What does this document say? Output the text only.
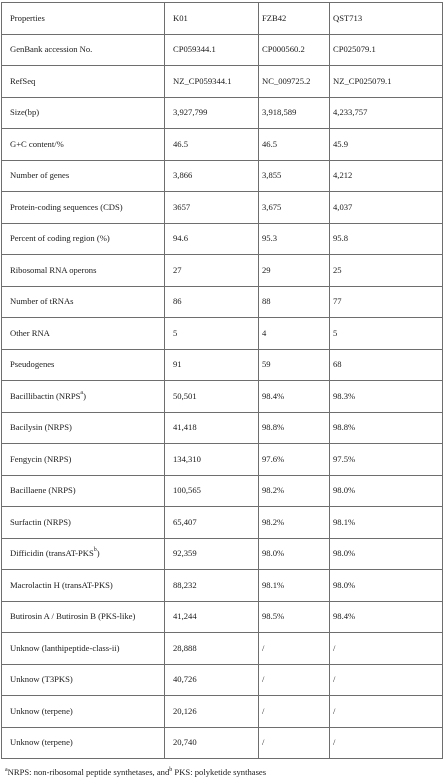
Properties	K01	FZB42	QST713
GenBank accession No.	CP059344.1	CP000560.2	CP025079.1
RefSeq	NZ_CP059344.1	NC_009725.2	NZ_CP025079.1
Size(bp)	3,927,799	3,918,589	4,233,757
G+C content/%	46.5	46.5	45.9
Number of genes	3,866	3,855	4,212
Protein-coding sequences (CDS)	3657	3,675	4,037
Percent of coding region (%)	94.6	95.3	95.8
Ribosomal RNA operons	27	29	25
Number of tRNAs	86	88	77
Other RNA	5	4	5
Pseudogenes	91	59	68
Bacillibactin (NRPS$^a$)	50,501	98.4%	98.3%
Bacilysin (NRPS)	41,418	98.8%	98.8%
Fengycin (NRPS)	134,310	97.6%	97.5%
Bacillaene (NRPS)	100,565	98.2%	98.0%
Surfactin (NRPS)	65,407	98.2%	98.1%
Difficidin (transAT-PKS$^b$)	92,359	98.0%	98.0%
Macrolactin H (transAT-PKS)	88,232	98.1%	98.0%
Butirosin A / Butirosin B (PKS-like)	41,244	98.5%	98.4%
Unknow (lanthipeptide-class-ii)	28,888	/	/
Unknow (T3PKS)	40,726	/	/
Unknow (terpene)	20,126	/	/
Unknow (terpene)	20,740	/	/
$^a$NRPS: non-ribosomal peptide synthetases, and$^b$ PKS: polyketide synthases
